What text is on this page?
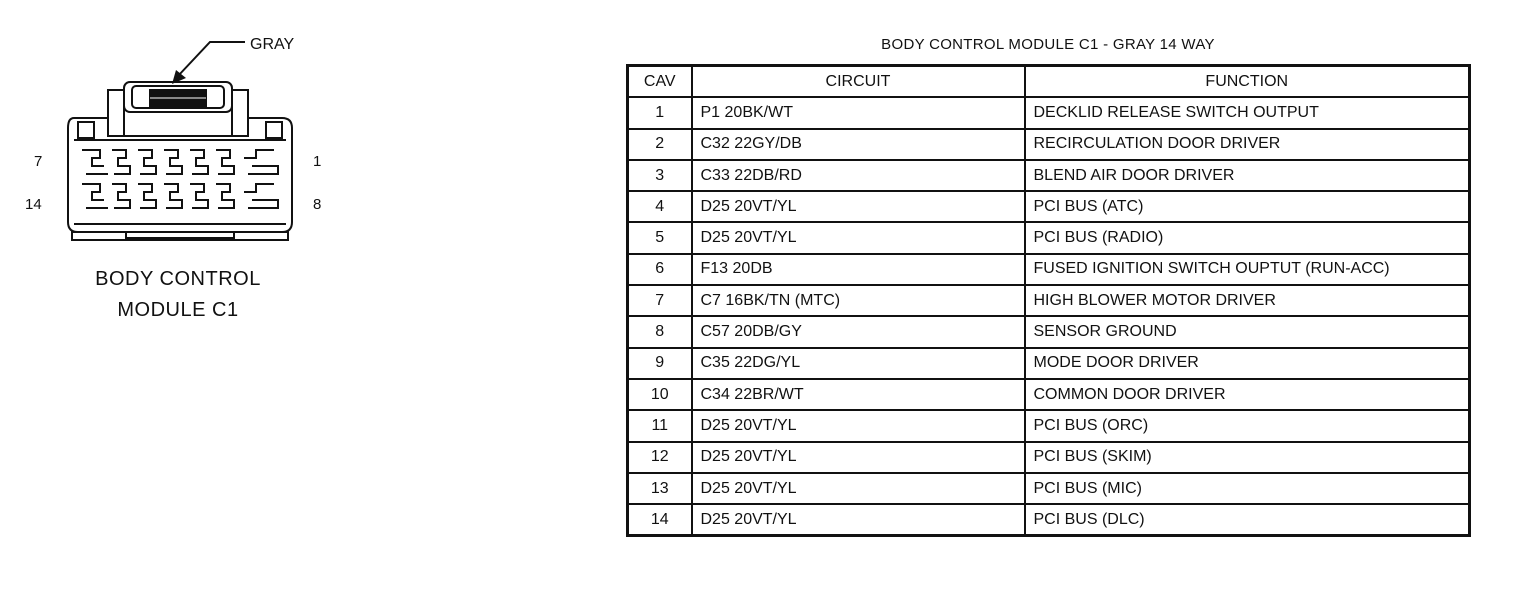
GRAY
7	1
14	8
BODY CONTROL
MODULE C1
BODY CONTROL MODULE C1 - GRAY 14 WAY
CAV	CIRCUIT	FUNCTION
1	P1 20BK/WT	DECKLID RELEASE SWITCH OUTPUT
2	C32 22GY/DB	RECIRCULATION DOOR DRIVER
3	C33 22DB/RD	BLEND AIR DOOR DRIVER
4	D25 20VT/YL	PCI BUS (ATC)
5	D25 20VT/YL	PCI BUS (RADIO)
6	F13 20DB	FUSED IGNITION SWITCH OUPTUT (RUN-ACC)
7	C7 16BK/TN (MTC)	HIGH BLOWER MOTOR DRIVER
8	C57 20DB/GY	SENSOR GROUND
9	C35 22DG/YL	MODE DOOR DRIVER
10	C34 22BR/WT	COMMON DOOR DRIVER
11	D25 20VT/YL	PCI BUS (ORC)
12	D25 20VT/YL	PCI BUS (SKIM)
13	D25 20VT/YL	PCI BUS (MIC)
14	D25 20VT/YL	PCI BUS (DLC)
